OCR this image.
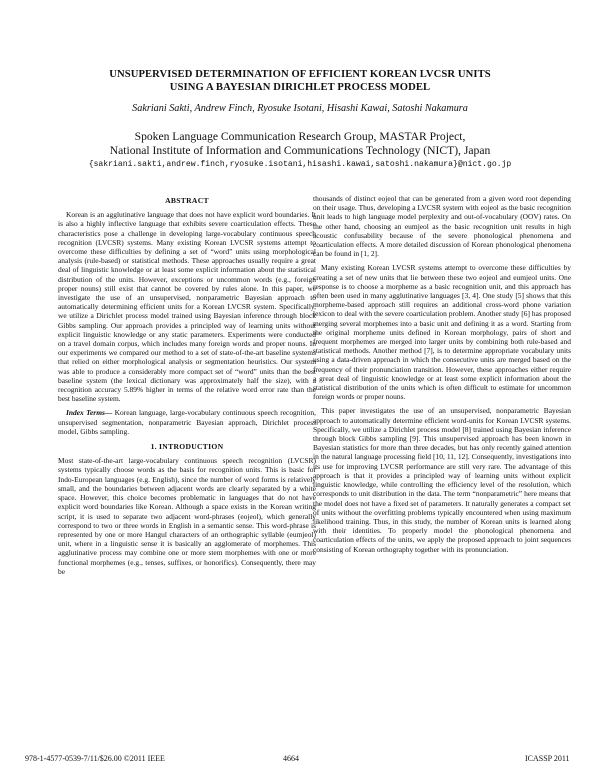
UNSUPERVISED DETERMINATION OF EFFICIENT KOREAN LVCSR UNITS
USING A BAYESIAN DIRICHLET PROCESS MODEL
Sakriani Sakti, Andrew Finch, Ryosuke Isotani, Hisashi Kawai, Satoshi Nakamura
Spoken Language Communication Research Group, MASTAR Project,
National Institute of Information and Communications Technology (NICT), Japan
{sakriani.sakti,andrew.finch,ryosuke.isotani,hisashi.kawai,satoshi.nakamura}@nict.go.jp
ABSTRACT

Korean is an agglutinative language that does not have explicit word boundaries. It is also a highly inflective language that exhibits severe coarticulation effects. These characteristics pose a challenge in developing large-vocabulary continuous speech recognition (LVCSR) systems. Many existing Korean LVCSR systems attempt to overcome these difficulties by defining a set of “word” units using morphological analysis (rule-based) or statistical methods. These approaches usually require a great deal of linguistic knowledge or at least some explicit information about the statistical distribution of the units. However, exceptions or uncommon words (e.g., foreign proper nouns) still exist that cannot be covered by rules alone. In this paper, we investigate the use of an unsupervised, nonparametric Bayesian approach to automatically determining efficient units for a Korean LVCSR system. Specifically, we utilize a Dirichlet process model trained using Bayesian inference through block Gibbs sampling. Our approach provides a principled way of learning units without explicit linguistic knowledge or any static parameters. Experiments were conducted on a travel domain corpus, which includes many foreign words and proper nouns. In our experiments we compared our method to a set of state-of-the-art baseline systems that relied on either morphological analysis or segmentation heuristics. Our system was able to produce a considerably more compact set of “word” units than the best baseline system (the lexical dictionary was approximately half the size), with a recognition accuracy 5.89% higher in terms of the relative word error rate than the best baseline system.

Index Terms— Korean language, large-vocabulary continuous speech recognition, unsupervised segmentation, nonparametric Bayesian approach, Dirichlet process model, Gibbs sampling.

1. INTRODUCTION

Most state-of-the-art large-vocabulary continuous speech recognition (LVCSR) systems typically choose words as the basis for recognition units. This is basic for Indo-European languages (e.g. English), since the number of word forms is relatively small, and the boundaries between adjacent words are clearly separated by a white space. However, this choice becomes problematic in languages that do not have explicit word boundaries like Korean. Although a space exists in the Korean writing script, it is used to separate two adjacent word-phrases (eojeol), which generally correspond to two or three words in English in a semantic sense. This word-phrase is represented by one or more Hangul characters of an orthographic syllable (eumjeol) unit, where in a linguistic sense it is basically an agglomerate of morphemes. This agglutinative process may combine one or more stem morphemes with one or more functional morphemes (e.g., tenses, suffixes, or honorifics). Consequently, there may be

thousands of distinct eojeol that can be generated from a given word root depending on their usage. Thus, developing a LVCSR system with eojeol as the basic recognition unit leads to high language model perplexity and out-of-vocabulary (OOV) rates. On the other hand, choosing an eumjeol as the basic recognition unit results in high acoustic confusability because of the severe phonological phenomena and coarticulation effects. A more detailed discussion of Korean phonological phenomena can be found in [1, 2].

Many existing Korean LVCSR systems attempt to overcome these difficulties by creating a set of new units that lie between these two eojeol and eumjeol units. One response is to choose a morpheme as a basic recognition unit, and this approach has often been used in many agglutinative languages [3, 4]. One study [5] shows that this morpheme-based approach still requires an additional cross-word phone variation lexicon to deal with the severe coarticulation problem. Another study [6] has proposed merging several morphemes into a basic unit and defining it as a word. Starting from the original morpheme units defined in Korean morphology, pairs of short and frequent morphemes are merged into larger units by combining both rule-based and statistical methods. Another method [7], is to determine appropriate vocabulary units using a data-driven approach in which the consecutive units are merged based on the frequency of their pronunciation transition. However, these approaches either require a great deal of linguistic knowledge or at least some explicit information about the statistical distribution of the units which is often difficult to estimate for uncommon foreign words or proper nouns.

This paper investigates the use of an unsupervised, nonparametric Bayesian approach to automatically determine efficient word-units for Korean LVCSR systems. Specifically, we utilize a Dirichlet process model [8] trained using Bayesian inference through block Gibbs sampling [9]. This unsupervised approach has been known in Bayesian statistics for more than three decades, but has only recently gained attention in the natural language processing field [10, 11, 12]. Consequently, investigations into its use for improving LVCSR performance are still very rare. The advantage of this approach is that it provides a principled way of learning units without explicit linguistic knowledge, while controlling the efficiency level of the resolution, which corresponds to unit distribution in the data. The term “nonparametric” here means that the model does not have a fixed set of parameters. It naturally generates a compact set of units without the overfitting problems typically encountered when using maximum likelihood training. Thus, in this study, the number of Korean units is learned along with their identities. To properly model the phonological phenomena and coarticulation effects of the units, we apply the proposed approach to joint sequences consisting of Korean orthography together with its pronunciation.

978-1-4577-0539-7/11/$26.00 ©2011 IEEE	4664	ICASSP 2011
